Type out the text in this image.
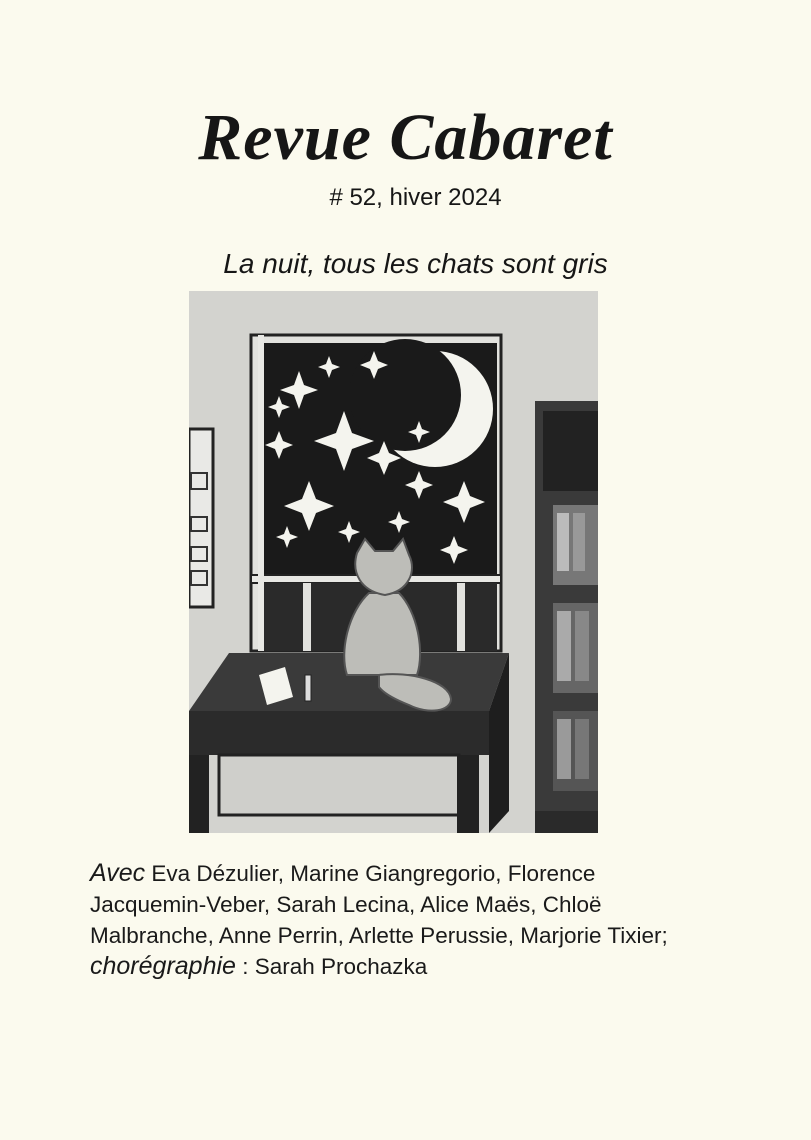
Revue Cabaret
# 52, hiver 2024
La nuit, tous les chats sont gris
Avec Eva Dézulier, Marine Giangregorio, Florence Jacquemin-Veber, Sarah Lecina, Alice Maës, Chloë Malbranche, Anne Perrin, Arlette Perussie, Marjorie Tixier; chorégraphie : Sarah Prochazka
